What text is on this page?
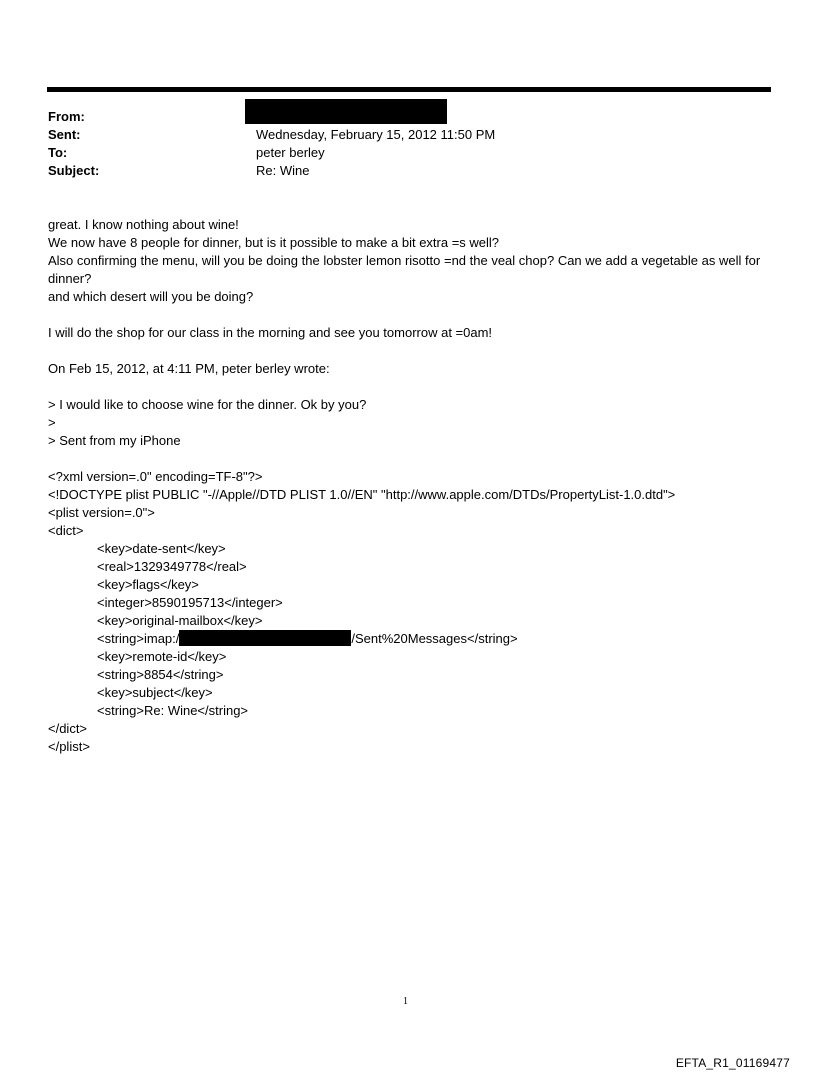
From:
Sent:	Wednesday, February 15, 2012 11:50 PM
To:	peter berley
Subject:	Re: Wine

great. I know nothing about wine!

We now have 8 people for dinner, but is it possible to make a bit extra =s well?

Also confirming the menu, will you be doing the lobster lemon risotto =nd the veal chop? Can we add a vegetable as well for dinner?

and which desert will you be doing?

I will do the shop for our class in the morning and see you tomorrow at =0am!

On Feb 15, 2012, at 4:11 PM, peter berley wrote:

> I would like to choose wine for the dinner. Ok by you?

>

> Sent from my iPhone

<?xml version=.0" encoding=TF-8"?>

<!DOCTYPE plist PUBLIC "-//Apple//DTD PLIST 1.0//EN" "http://www.apple.com/DTDs/PropertyList-1.0.dtd">

<plist version=.0">

<dict>

<key>date-sent</key>

<real>1329349778</real>

<key>flags</key>

<integer>8590195713</integer>

<key>original-mailbox</key>

<string>imap:/	/Sent%20Messages</string>

<key>remote-id</key>

<string>8854</string>

<key>subject</key>

<string>Re: Wine</string>

</dict>

</plist>

1
EFTA_R1_01169477
